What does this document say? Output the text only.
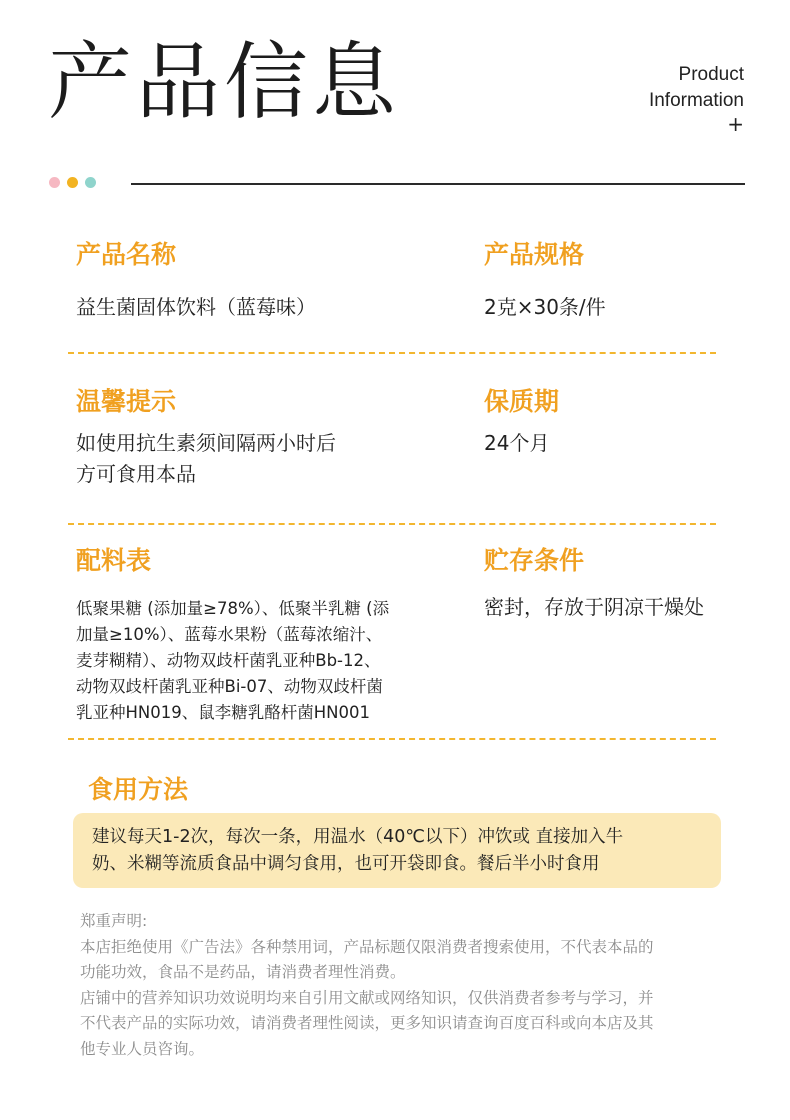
产品信息	Product
Information
+
产品名称
益生菌固体饮料（蓝莓味）
产品规格
2克×30条/件
温馨提示
如使用抗生素须间隔两小时后
方可食用本品
保质期
24个月
配料表
低聚果糖 (添加量≥78%）、低聚半乳糖 (添
加量≥10%）、蓝莓水果粉（蓝莓浓缩汁、
麦芽糊精）、动物双歧杆菌乳亚种Bb-12、
动物双歧杆菌乳亚种Bi-07、动物双歧杆菌
乳亚种HN019、鼠李糖乳酪杆菌HN001
贮存条件
密封，存放于阴凉干燥处
食用方法
建议每天1-2次，每次一条，用温水（40℃以下）冲饮或 直接加入牛
奶、米糊等流质食品中调匀食用，也可开袋即食。餐后半小时食用
郑重声明:
本店拒绝使用《广告法》各种禁用词，产品标题仅限消费者搜索使用，不代表本品的
功能功效，食品不是药品，请消费者理性消费。
店铺中的营养知识功效说明均来自引用文献或网络知识，仅供消费者参考与学习，并
不代表产品的实际功效，请消费者理性阅读，更多知识请查询百度百科或向本店及其
他专业人员咨询。
